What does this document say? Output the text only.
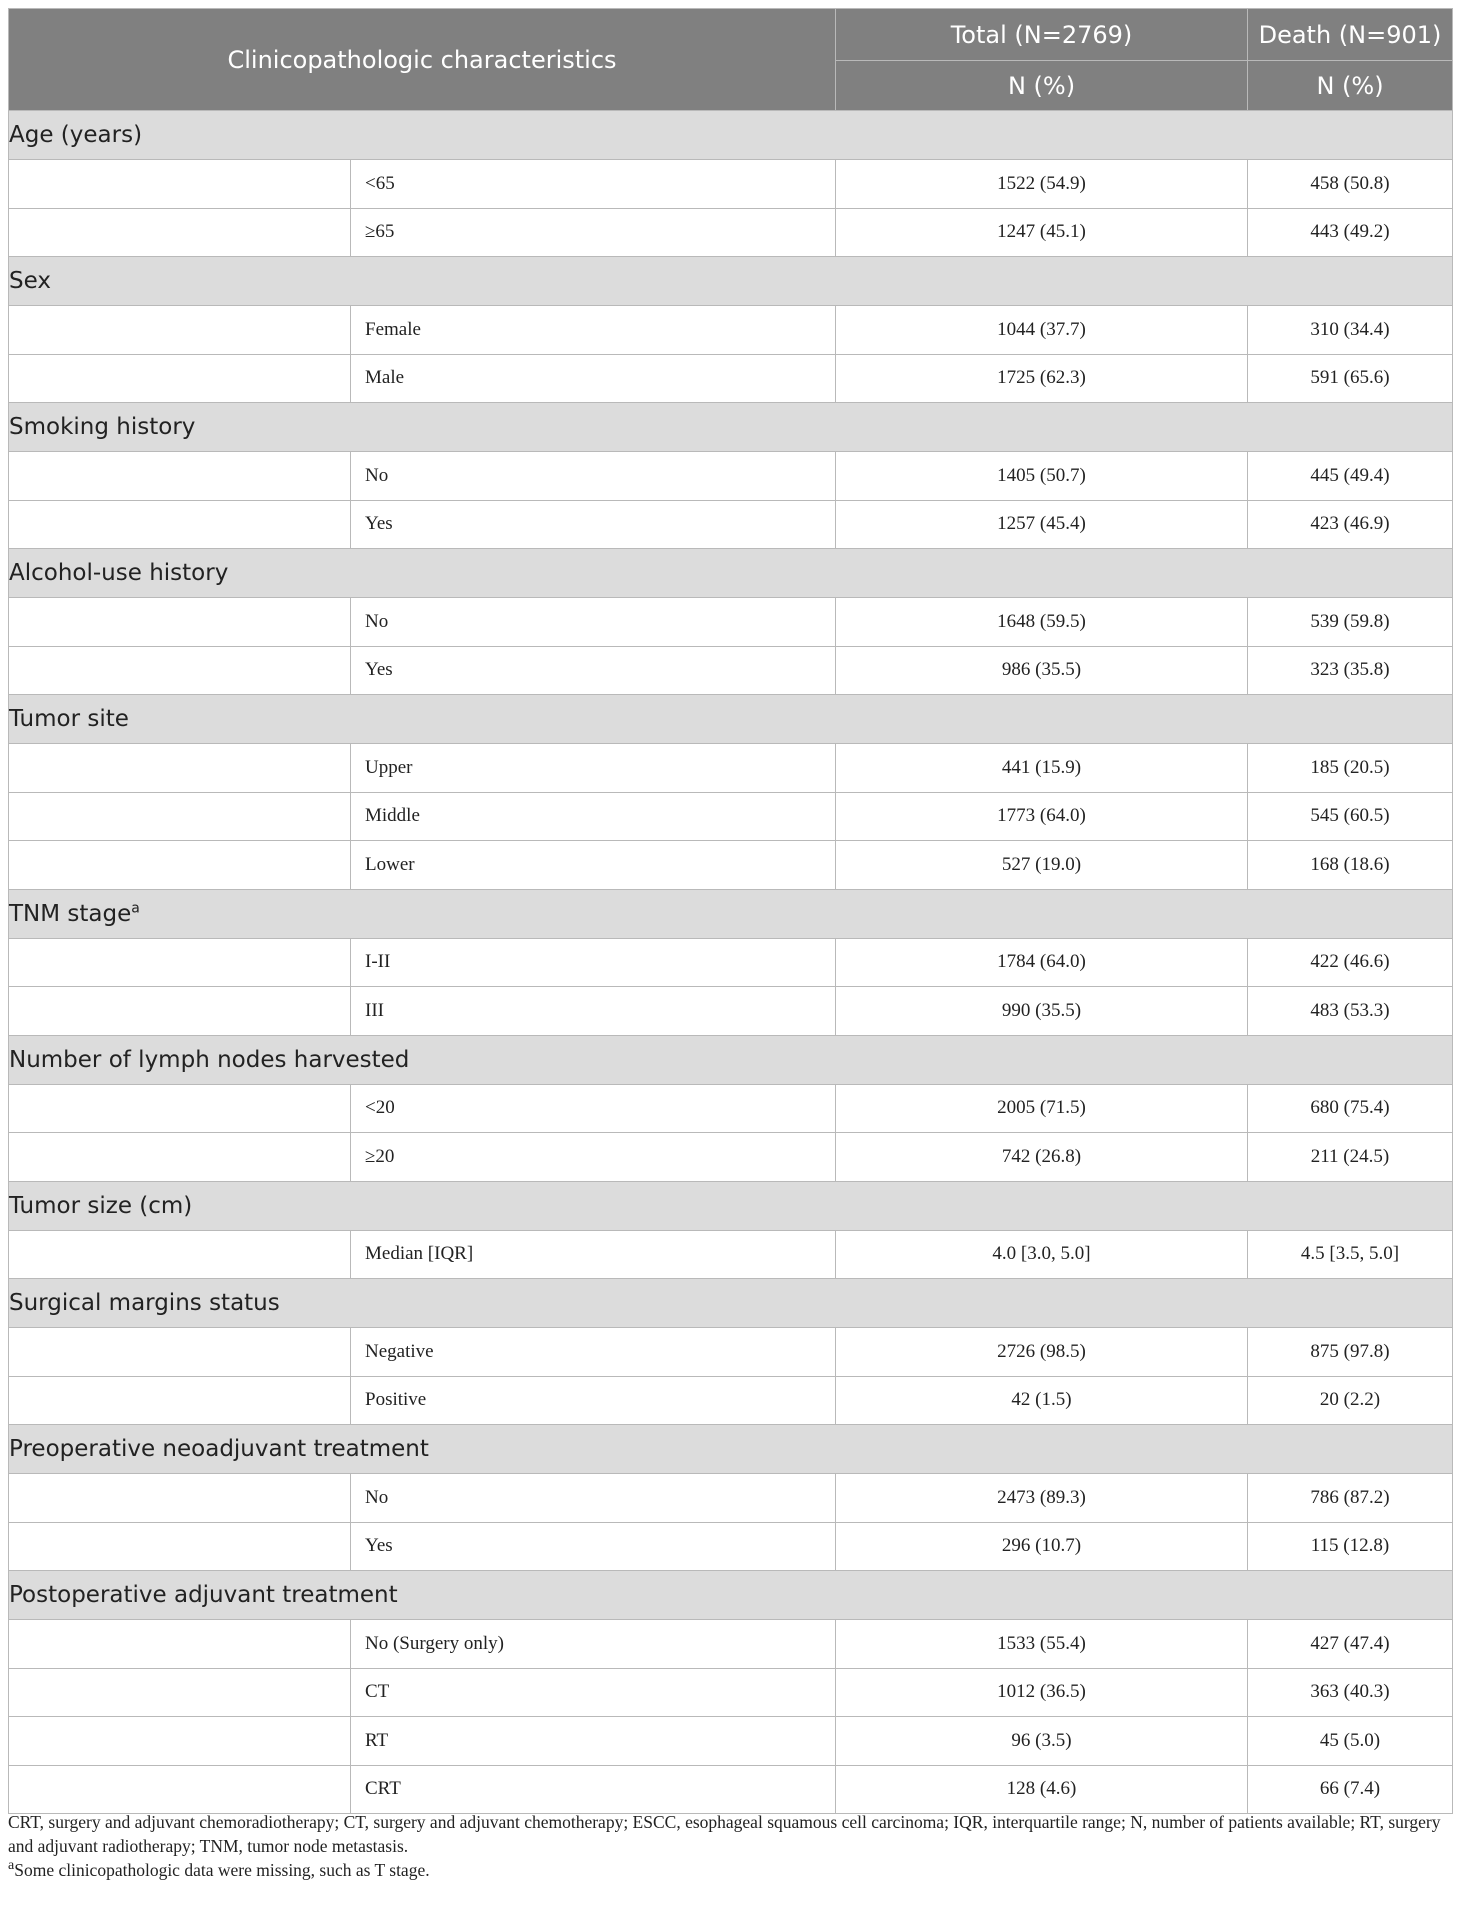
Clinicopathologic characteristics		Total (N=2769)	Death (N=901)
		N (%)	N (%)
Age (years)			
	<65	1522 (54.9)	458 (50.8)
	≥65	1247 (45.1)	443 (49.2)
Sex			
	Female	1044 (37.7)	310 (34.4)
	Male	1725 (62.3)	591 (65.6)
Smoking history			
	No	1405 (50.7)	445 (49.4)
	Yes	1257 (45.4)	423 (46.9)
Alcohol-use history			
	No	1648 (59.5)	539 (59.8)
	Yes	986 (35.5)	323 (35.8)
Tumor site			
	Upper	441 (15.9)	185 (20.5)
	Middle	1773 (64.0)	545 (60.5)
	Lower	527 (19.0)	168 (18.6)
TNM stage$^a$
	I-II	1784 (64.0)	422 (46.6)
	III	990 (35.5)	483 (53.3)
Number of lymph nodes harvested			
	<20	2005 (71.5)	680 (75.4)
	≥20	742 (26.8)	211 (24.5)
Tumor size (cm)			
	Median [IQR]	4.0 [3.0, 5.0]	4.5 [3.5, 5.0]
Surgical margins status			
	Negative	2726 (98.5)	875 (97.8)
	Positive	42 (1.5)	20 (2.2)
Preoperative neoadjuvant treatment			
	No	2473 (89.3)	786 (87.2)
	Yes	296 (10.7)	115 (12.8)
Postoperative adjuvant treatment			
	No (Surgery only)	1533 (55.4)	427 (47.4)
	CT	1012 (36.5)	363 (40.3)
	RT	96 (3.5)	45 (5.0)
	CRT	128 (4.6)	66 (7.4)

CRT, surgery and adjuvant chemoradiotherapy; CT, surgery and adjuvant chemotherapy; ESCC, esophageal squamous cell carcinoma; IQR, interquartile range; N, number of patients available; RT, surgery and adjuvant radiotherapy; TNM, tumor node metastasis.

$^a$Some clinicopathologic data were missing, such as T stage.
